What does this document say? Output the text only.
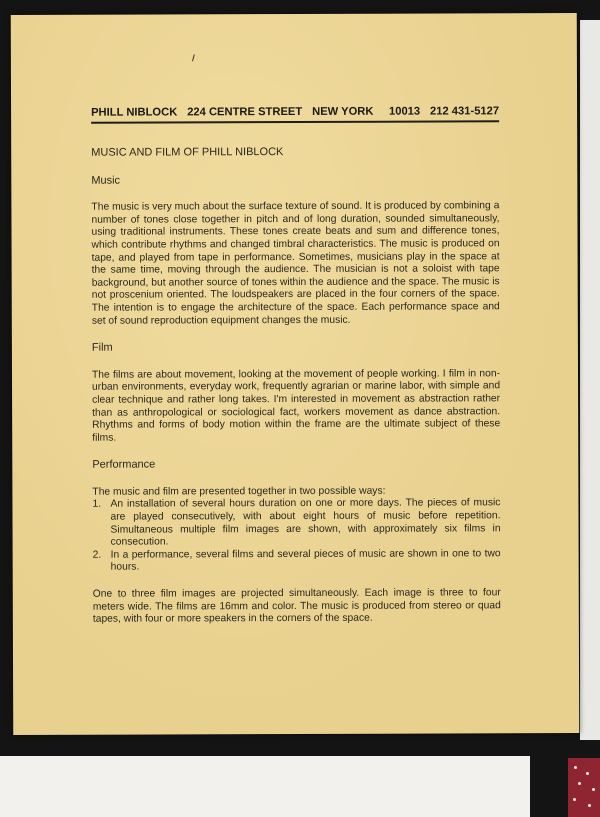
PHILL NIBLOCK 224 CENTRE STREET NEW YORK 10013 212 431-5127
MUSIC AND FILM OF PHILL NIBLOCK
Music

The music is very much about the surface texture of sound. It is produced by combining a number of tones close together in pitch and of long duration, sounded simultaneously, using traditional instruments. These tones create beats and sum and difference tones, which contribute rhythms and changed timbral characteristics. The music is produced on tape, and played from tape in performance. Sometimes, musicians play in the space at the same time, moving through the audience. The musician is not a soloist with tape background, but another source of tones within the audience and the space. The music is not proscenium oriented. The loudspeakers are placed in the four corners of the space. The intention is to engage the architecture of the space. Each performance space and set of sound reproduction equipment changes the music.

Film

The films are about movement, looking at the movement of people working. I film in non-urban environments, everyday work, frequently agrarian or marine labor, with simple and clear technique and rather long takes. I'm interested in movement as abstraction rather than as anthropological or sociological fact, workers movement as dance abstraction. Rhythms and forms of body motion within the frame are the ultimate subject of these films.

Performance

The music and film are presented together in two possible ways:

1. An installation of several hours duration on one or more days. The pieces of music are played consecutively, with about eight hours of music before repetition. Simultaneous multiple film images are shown, with approximately six films in consecution.
2. In a performance, several films and several pieces of music are shown in one to two hours.

One to three film images are projected simultaneously. Each image is three to four meters wide. The films are 16mm and color. The music is produced from stereo or quad tapes, with four or more speakers in the corners of the space.
